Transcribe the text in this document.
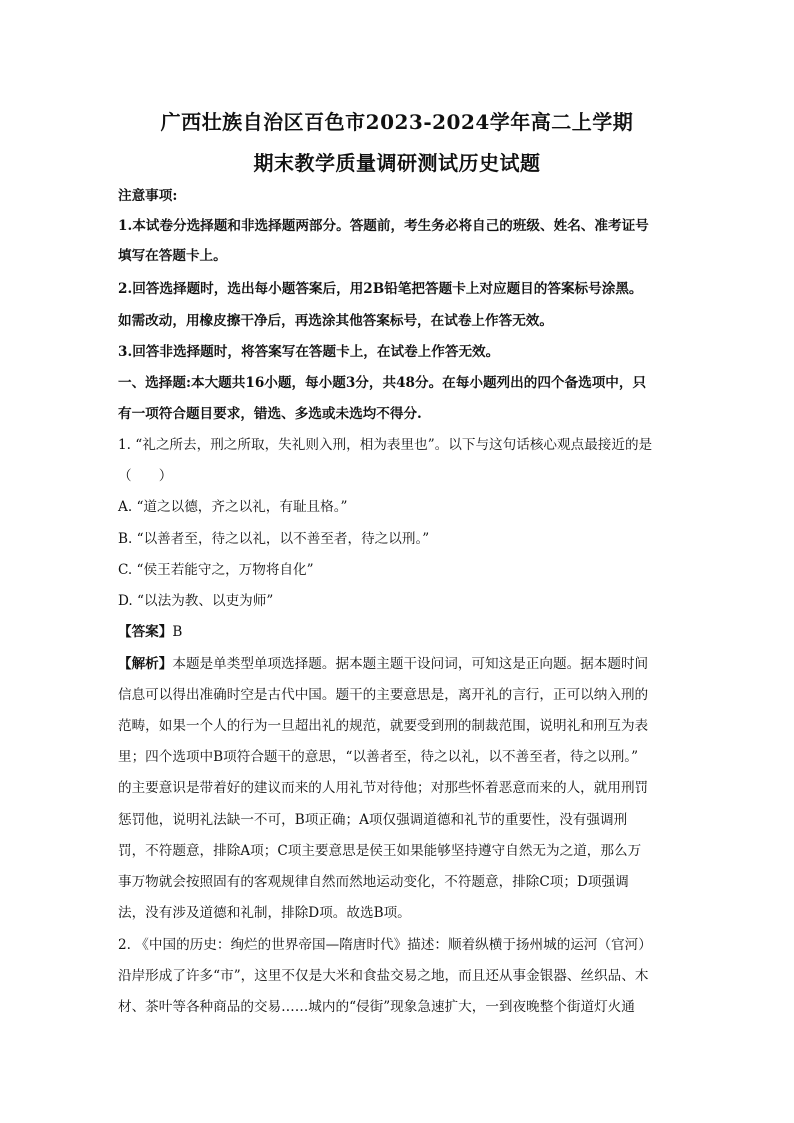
广西壮族自治区百色市2023-2024学年高二上学期
期末教学质量调研测试历史试题
注意事项:
1.本试卷分选择题和非选择题两部分。答题前，考生务必将自己的班级、姓名、准考证号
填写在答题卡上。
2.回答选择题时，选出每小题答案后，用2B铅笔把答题卡上对应题目的答案标号涂黑。
如需改动，用橡皮擦干净后，再选涂其他答案标号，在试卷上作答无效。
3.回答非选择题时，将答案写在答题卡上，在试卷上作答无效。
一、选择题:本大题共16小题，每小题3分，共48分。在每小题列出的四个备选项中，只
有一项符合题目要求，错选、多选或未选均不得分.
1. “礼之所去，刑之所取，失礼则入刑，相为表里也”。以下与这句话核心观点最接近的是
（　　）
A. “道之以德，齐之以礼，有耻且格。”
B. “以善者至，待之以礼，以不善至者，待之以刑。”
C. “侯王若能守之，万物将自化”
D. “以法为教、以吏为师”
【答案】B
【解析】本题是单类型单项选择题。据本题主题干设问词，可知这是正向题。据本题时间
信息可以得出准确时空是古代中国。题干的主要意思是，离开礼的言行，正可以纳入刑的
范畴，如果一个人的行为一旦超出礼的规范，就要受到刑的制裁范围，说明礼和刑互为表
里；四个选项中B项符合题干的意思，“以善者至，待之以礼，以不善至者，待之以刑。”
的主要意识是带着好的建议而来的人用礼节对待他；对那些怀着恶意而来的人，就用刑罚
惩罚他，说明礼法缺一不可，B项正确；A项仅强调道德和礼节的重要性，没有强调刑
罚，不符题意，排除A项；C项主要意思是侯王如果能够坚持遵守自然无为之道，那么万
事万物就会按照固有的客观规律自然而然地运动变化，不符题意，排除C项；D项强调
法，没有涉及道德和礼制，排除D项。故选B项。
2. 《中国的历史：绚烂的世界帝国—隋唐时代》描述：顺着纵横于扬州城的运河（官河）
沿岸形成了许多“市”，这里不仅是大米和食盐交易之地，而且还从事金银器、丝织品、木
材、茶叶等各种商品的交易……城内的“侵街”现象急速扩大，一到夜晚整个街道灯火通
